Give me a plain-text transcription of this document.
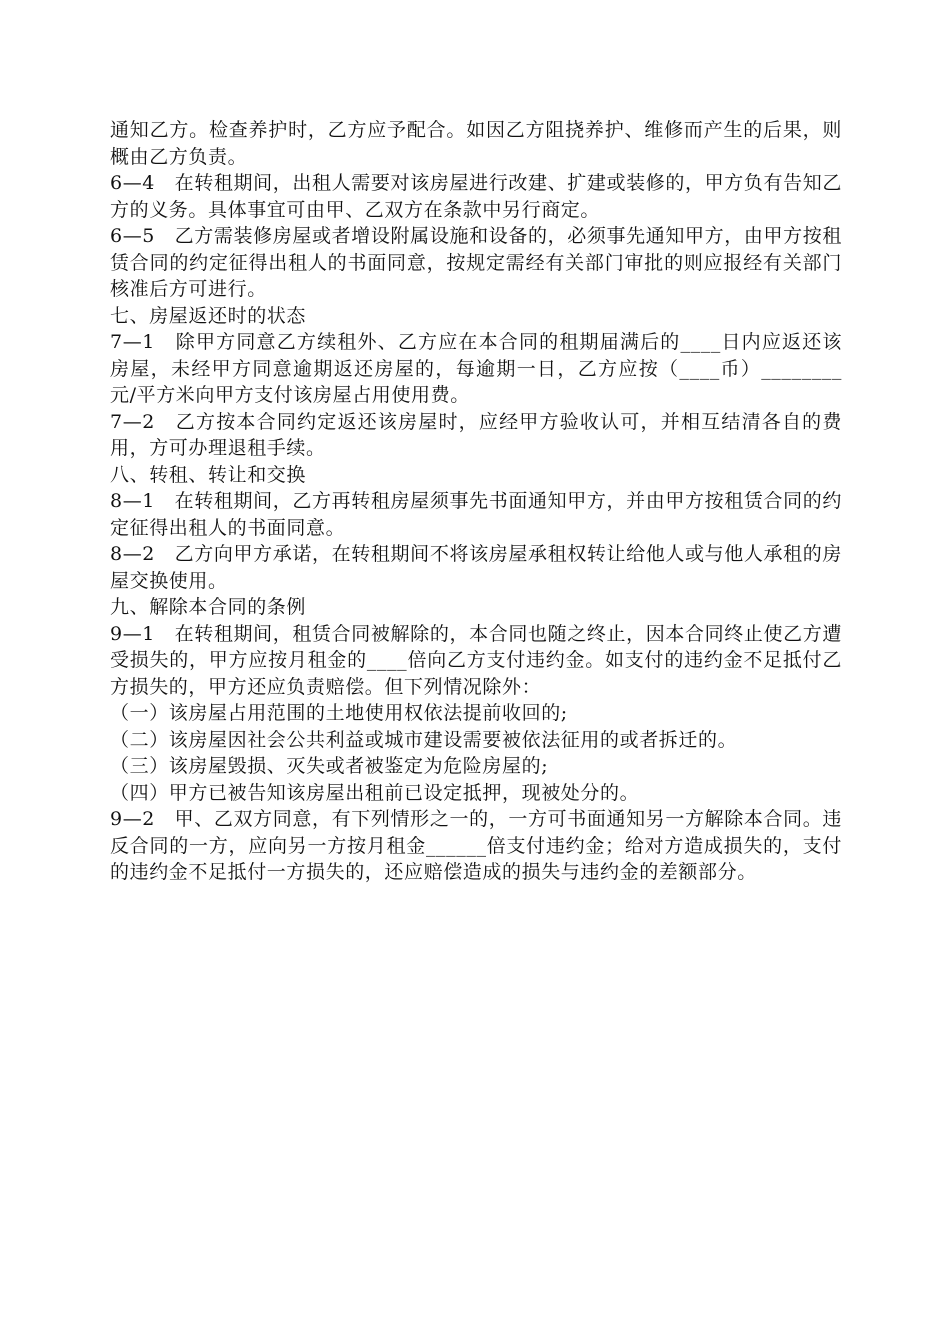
通知乙方。检查养护时，乙方应予配合。如因乙方阻挠养护、维修而产生的后果，则概由乙方负责。

6—4　在转租期间，出租人需要对该房屋进行改建、扩建或装修的，甲方负有告知乙方的义务。具体事宜可由甲、乙双方在条款中另行商定。

6—5　乙方需装修房屋或者增设附属设施和设备的，必须事先通知甲方，由甲方按租赁合同的约定征得出租人的书面同意，按规定需经有关部门审批的则应报经有关部门核准后方可进行。

七、房屋返还时的状态

7—1　除甲方同意乙方续租外、乙方应在本合同的租期届满后的____日内应返还该房屋，未经甲方同意逾期返还房屋的，每逾期一日，乙方应按（____币）________元/平方米向甲方支付该房屋占用使用费。

7—2　乙方按本合同约定返还该房屋时，应经甲方验收认可，并相互结清各自的费用，方可办理退租手续。

八、转租、转让和交换

8—1　在转租期间，乙方再转租房屋须事先书面通知甲方，并由甲方按租赁合同的约定征得出租人的书面同意。

8—2　乙方向甲方承诺，在转租期间不将该房屋承租权转让给他人或与他人承租的房屋交换使用。

九、解除本合同的条例

9—1　在转租期间，租赁合同被解除的，本合同也随之终止，因本合同终止使乙方遭受损失的，甲方应按月租金的____倍向乙方支付违约金。如支付的违约金不足抵付乙方损失的，甲方还应负责赔偿。但下列情况除外：

（一）该房屋占用范围的土地使用权依法提前收回的;

（二）该房屋因社会公共利益或城市建设需要被依法征用的或者拆迁的。

（三）该房屋毁损、灭失或者被鉴定为危险房屋的;

（四）甲方已被告知该房屋出租前已设定抵押，现被处分的。

9—2　甲、乙双方同意，有下列情形之一的，一方可书面通知另一方解除本合同。违反合同的一方，应向另一方按月租金______倍支付违约金；给对方造成损失的，支付的违约金不足抵付一方损失的，还应赔偿造成的损失与违约金的差额部分。
